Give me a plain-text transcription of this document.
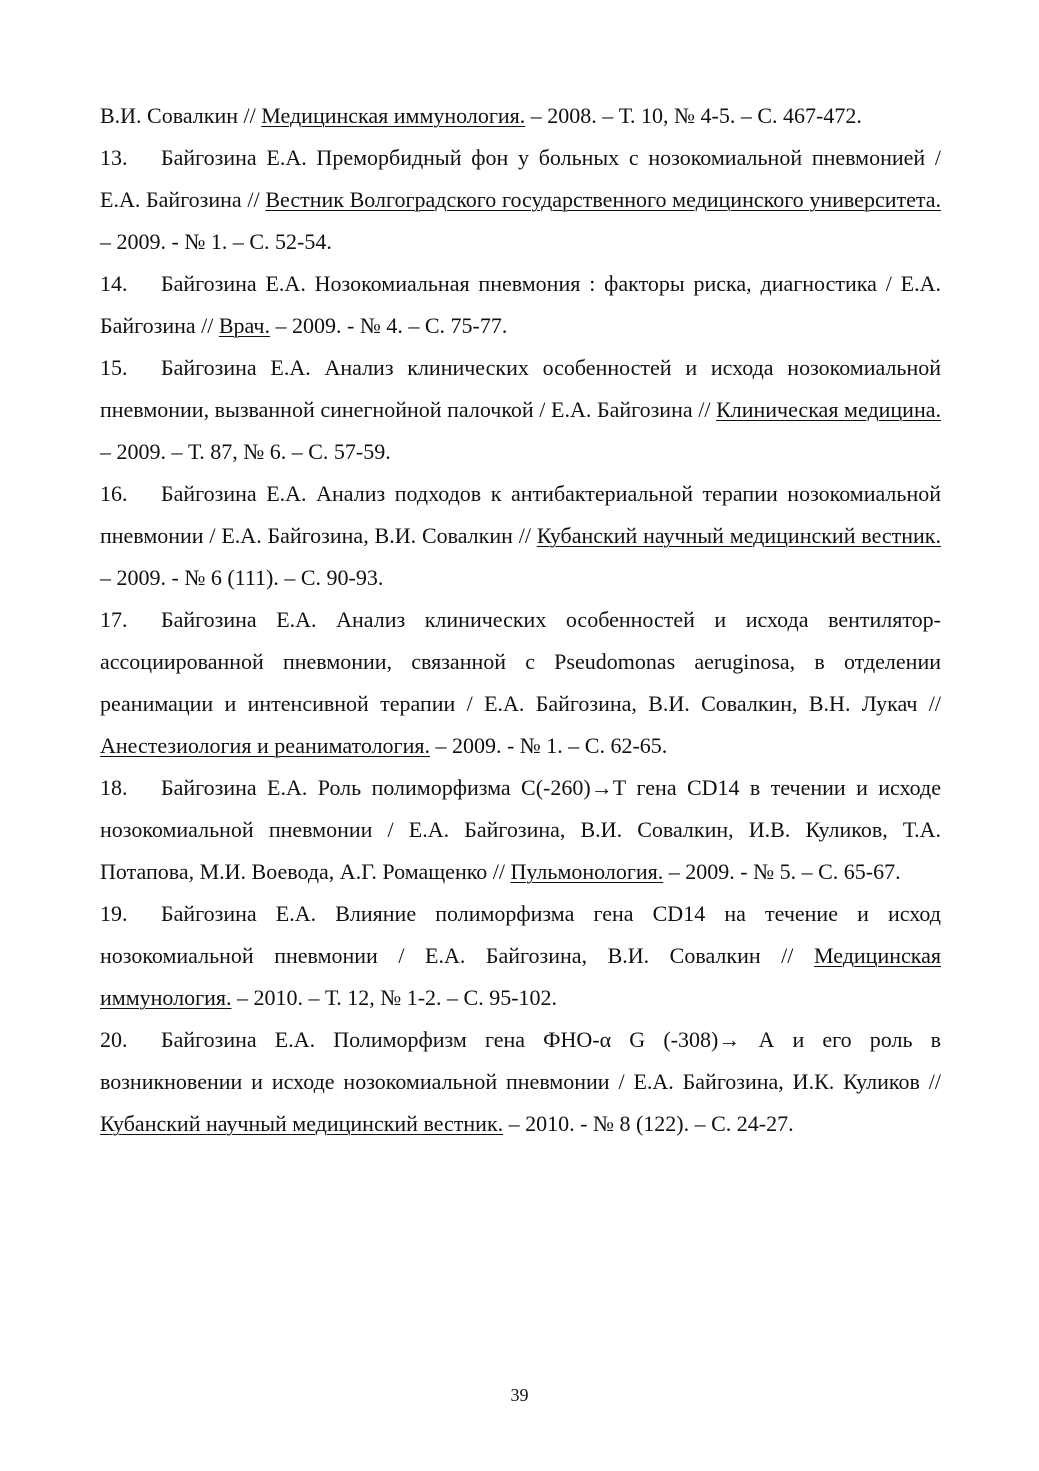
В.И. Совалкин // Медицинская иммунология. – 2008. – Т. 10, № 4-5. – С. 467-472.

13. Байгозина Е.А. Преморбидный фон у больных с нозокомиальной пневмонией / Е.А. Байгозина // Вестник Волгоградского государственного медицинского университета. – 2009. - № 1. – С. 52-54.

14. Байгозина Е.А. Нозокомиальная пневмония : факторы риска, диагностика / Е.А. Байгозина // Врач. – 2009. - № 4. – С. 75-77.

15. Байгозина Е.А. Анализ клинических особенностей и исхода нозокомиальной пневмонии, вызванной синегнойной палочкой / Е.А. Байгозина // Клиническая медицина. – 2009. – Т. 87, № 6. – С. 57-59.

16. Байгозина Е.А. Анализ подходов к антибактериальной терапии нозокомиальной пневмонии / Е.А. Байгозина, В.И. Совалкин // Кубанский научный медицинский вестник. – 2009. - № 6 (111). – С. 90-93.

17. Байгозина Е.А. Анализ клинических особенностей и исхода вентилятор-ассоциированной пневмонии, связанной с Pseudomonas aeruginosa, в отделении реанимации и интенсивной терапии / Е.А. Байгозина, В.И. Совалкин, В.Н. Лукач // Анестезиология и реаниматология. – 2009. - № 1. – С. 62-65.

18. Байгозина Е.А. Роль полиморфизма С(-260)→Т гена CD14 в течении и исходе нозокомиальной пневмонии / Е.А. Байгозина, В.И. Совалкин, И.В. Куликов, Т.А. Потапова, М.И. Воевода, А.Г. Ромащенко // Пульмонология. – 2009. - № 5. – С. 65-67.

19. Байгозина Е.А. Влияние полиморфизма гена CD14 на течение и исход нозокомиальной пневмонии / Е.А. Байгозина, В.И. Совалкин // Медицинская иммунология. – 2010. – Т. 12, № 1-2. – С. 95-102.

20. Байгозина Е.А. Полиморфизм гена ФНО-α G (-308)→ А и его роль в возникновении и исходе нозокомиальной пневмонии / Е.А. Байгозина, И.К. Куликов // Кубанский научный медицинский вестник. – 2010. - № 8 (122). – С. 24-27.

39
